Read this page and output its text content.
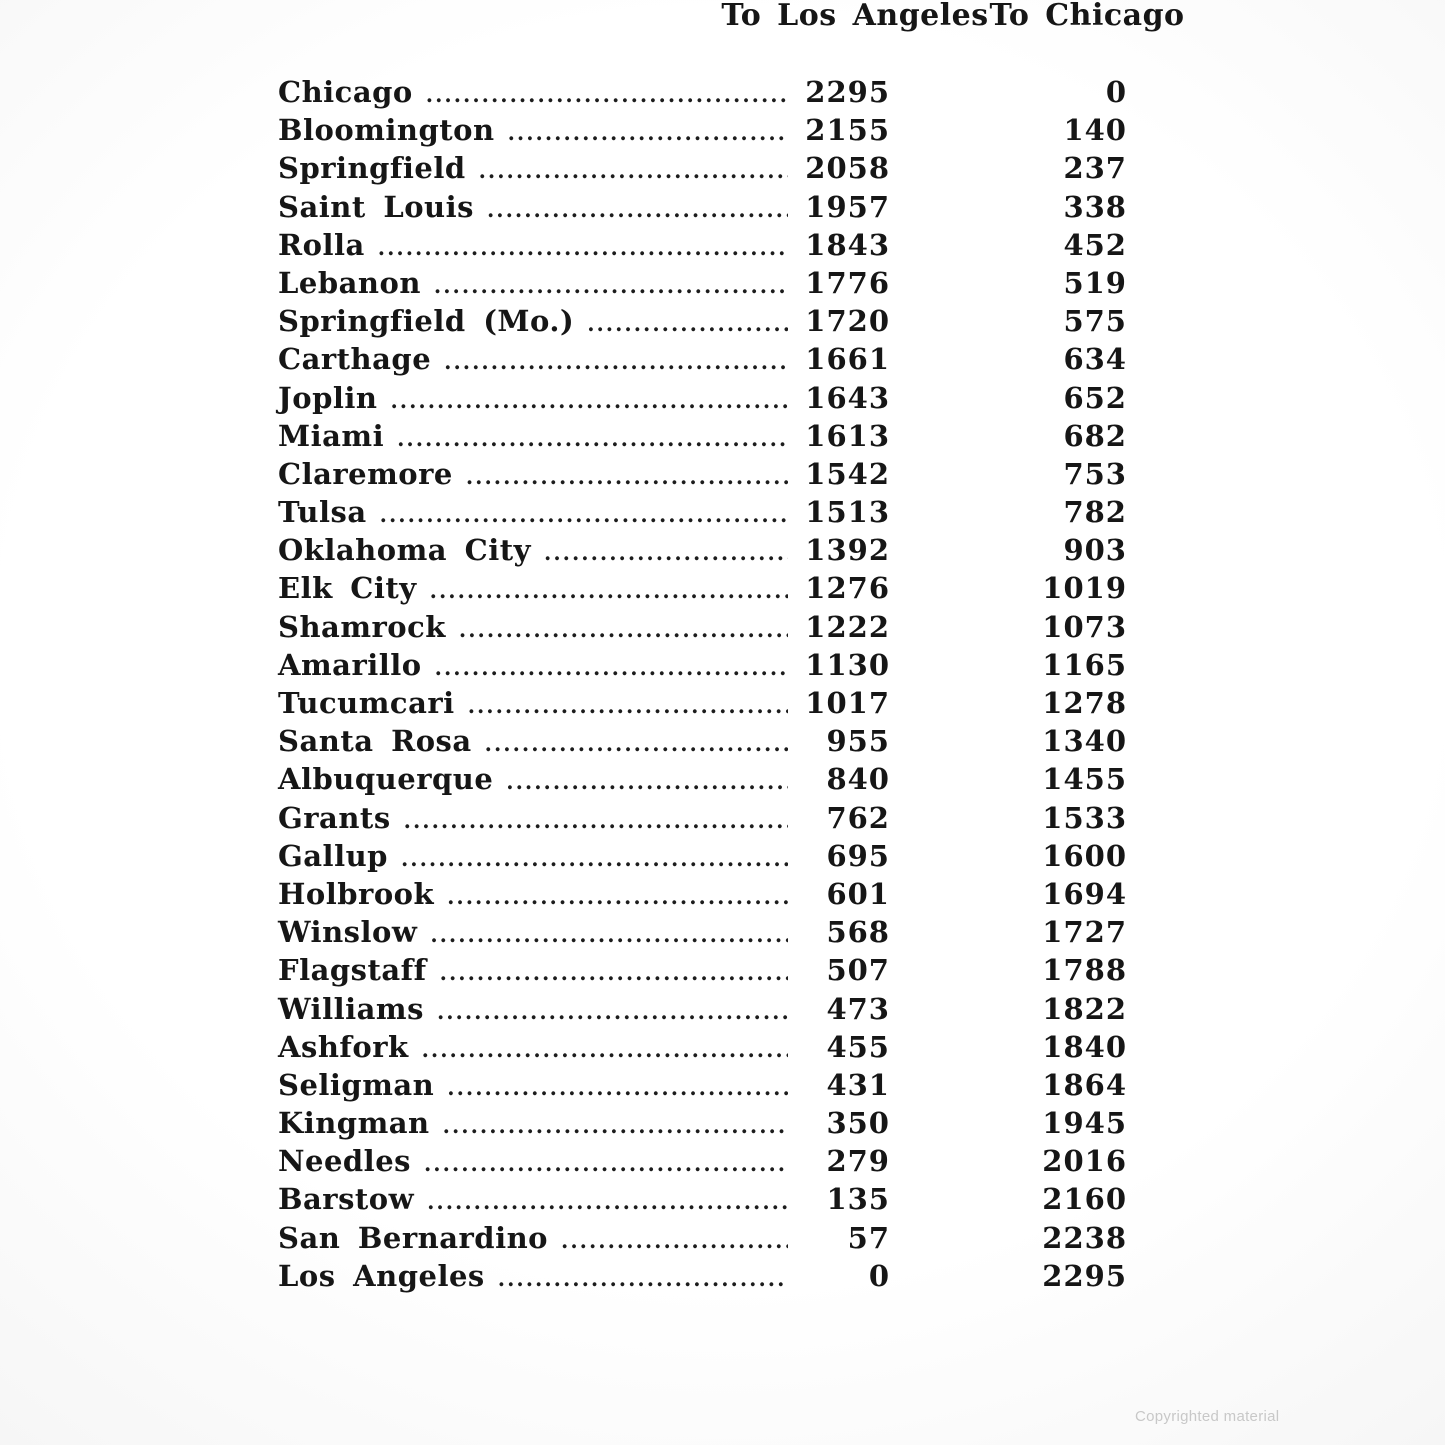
To Los Angeles To Chicago
Chicago .....	2295	0
Bloomington .....	2155	140
Springfield .....	2058	237
Saint Louis .....	1957	338
Rolla .....	1843	452
Lebanon .....	1776	519
Springfield (Mo.) .....	1720	575
Carthage .....	1661	634
Joplin .....	1643	652
Miami .....	1613	682
Claremore .....	1542	753
Tulsa .....	1513	782
Oklahoma City .....	1392	903
Elk City .....	1276	1019
Shamrock .....	1222	1073
Amarillo .....	1130	1165
Tucumcari .....	1017	1278
Santa Rosa .....	955	1340
Albuquerque .....	840	1455
Grants .....	762	1533
Gallup .....	695	1600
Holbrook .....	601	1694
Winslow .....	568	1727
Flagstaff .....	507	1788
Williams .....	473	1822
Ashfork .....	455	1840
Seligman .....	431	1864
Kingman .....	350	1945
Needles .....	279	2016
Barstow .....	135	2160
San Bernardino .....	57	2238
Los Angeles .....	0	2295
Copyrighted material
